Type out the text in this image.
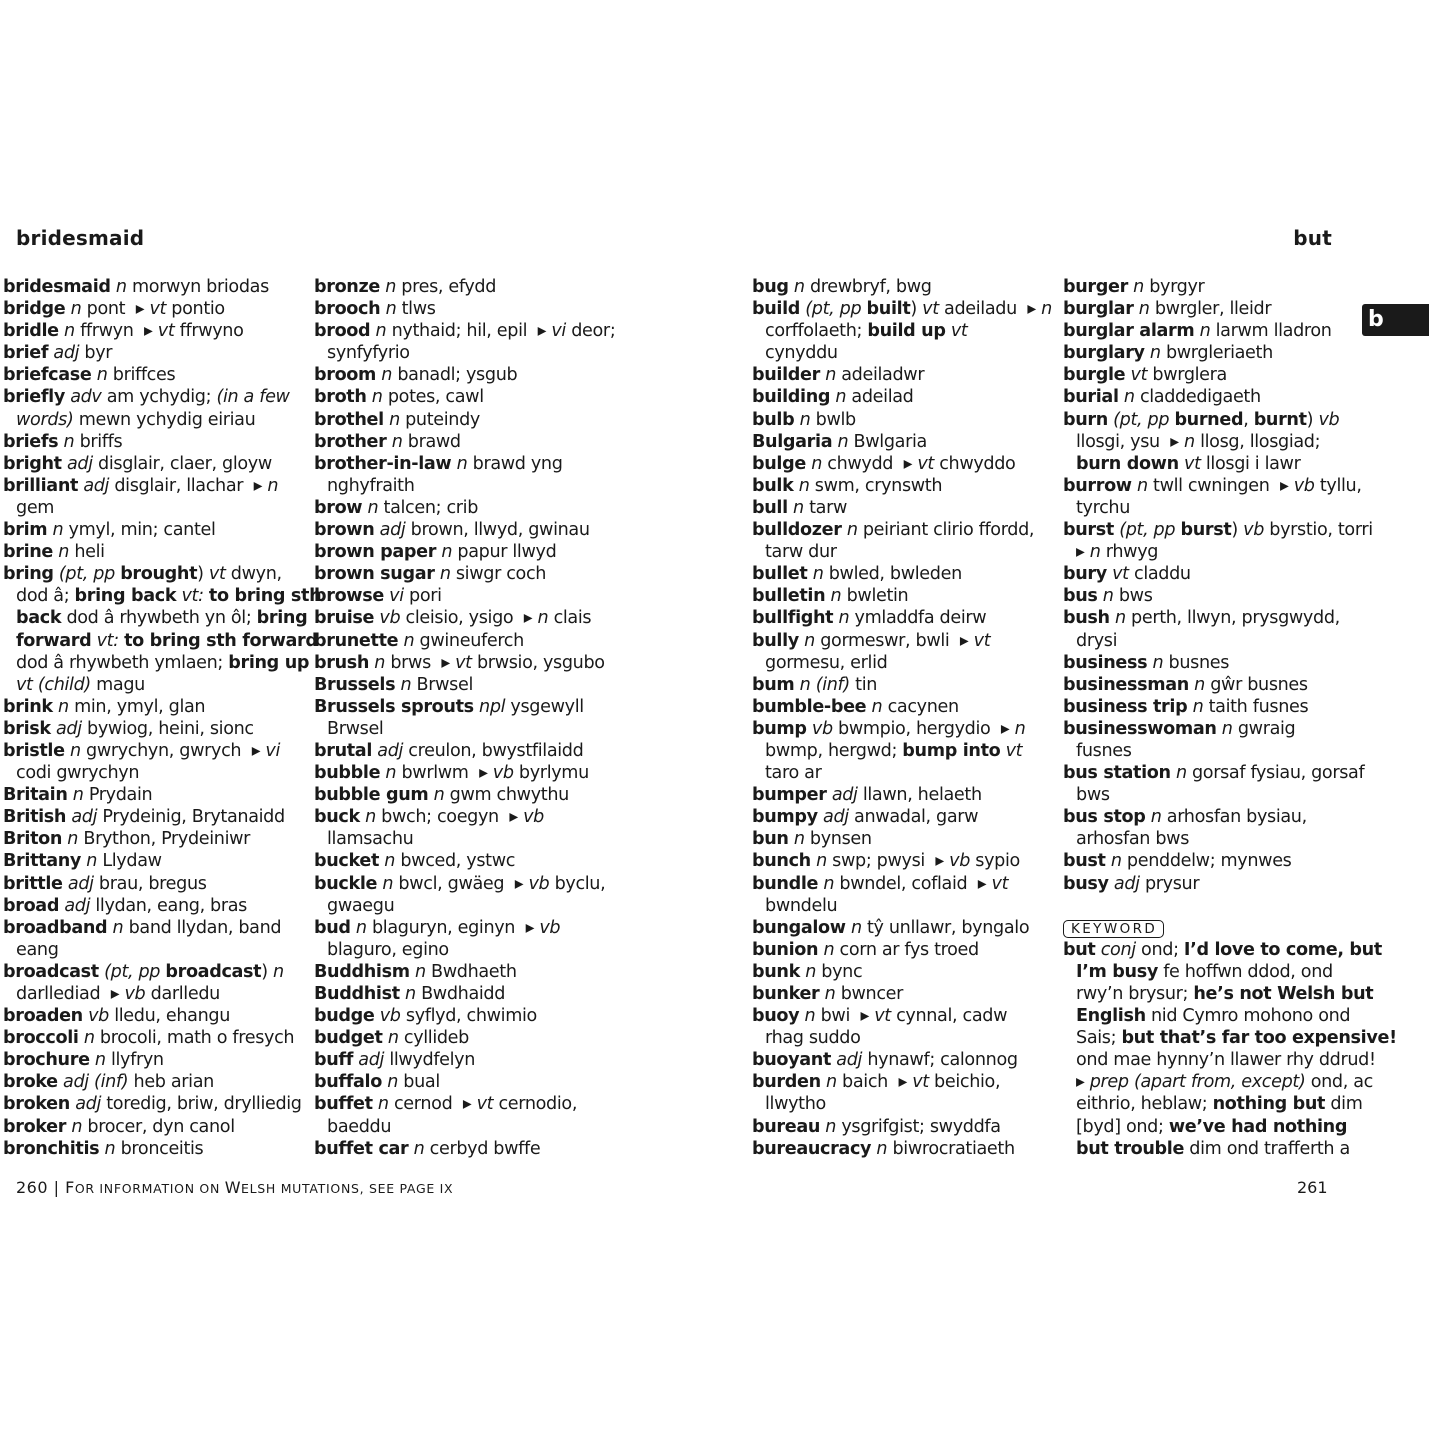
bridesmaid	but
b
bridesmaid n morwyn briodas
bridge n pont  ▸ vt pontio
bridle n ffrwyn  ▸ vt ffrwyno
brief adj byr
briefcase n briffces
briefly adv am ychydig; (in a few
words) mewn ychydig eiriau
briefs n briffs
bright adj disglair, claer, gloyw
brilliant adj disglair, llachar  ▸ n
gem
brim n ymyl, min; cantel
brine n heli
bring (pt, pp brought) vt dwyn,
dod â; bring back vt: to bring sth
back dod â rhywbeth yn ôl; bring
forward vt: to bring sth forward
dod â rhywbeth ymlaen; bring up
vt (child) magu
brink n min, ymyl, glan
brisk adj bywiog, heini, sionc
bristle n gwrychyn, gwrych  ▸ vi
codi gwrychyn
Britain n Prydain
British adj Prydeinig, Brytanaidd
Briton n Brython, Prydeiniwr
Brittany n Llydaw
brittle adj brau, bregus
broad adj llydan, eang, bras
broadband n band llydan, band
eang
broadcast (pt, pp broadcast) n
darllediad  ▸ vb darlledu
broaden vb lledu, ehangu
broccoli n brocoli, math o fresych
brochure n llyfryn
broke adj (inf) heb arian
broken adj toredig, briw, drylliedig
broker n brocer, dyn canol
bronchitis n bronceitis
bronze n pres, efydd
brooch n tlws
brood n nythaid; hil, epil  ▸ vi deor;
synfyfyrio
broom n banadl; ysgub
broth n potes, cawl
brothel n puteindy
brother n brawd
brother-in-law n brawd yng
nghyfraith
brow n talcen; crib
brown adj brown, llwyd, gwinau
brown paper n papur llwyd
brown sugar n siwgr coch
browse vi pori
bruise vb cleisio, ysigo  ▸ n clais
brunette n gwineuferch
brush n brws  ▸ vt brwsio, ysgubo
Brussels n Brwsel
Brussels sprouts npl ysgewyll
Brwsel
brutal adj creulon, bwystfilaidd
bubble n bwrlwm  ▸ vb byrlymu
bubble gum n gwm chwythu
buck n bwch; coegyn  ▸ vb
llamsachu
bucket n bwced, ystwc
buckle n bwcl, gwäeg  ▸ vb byclu,
gwaegu
bud n blaguryn, eginyn  ▸ vb
blaguro, egino
Buddhism n Bwdhaeth
Buddhist n Bwdhaidd
budge vb syflyd, chwimio
budget n cyllideb
buff adj llwydfelyn
buffalo n bual
buffet n cernod  ▸ vt cernodio,
baeddu
buffet car n cerbyd bwffe
bug n drewbryf, bwg
build (pt, pp built) vt adeiladu  ▸ n
corffolaeth; build up vt
cynyddu
builder n adeiladwr
building n adeilad
bulb n bwlb
Bulgaria n Bwlgaria
bulge n chwydd  ▸ vt chwyddo
bulk n swm, crynswth
bull n tarw
bulldozer n peiriant clirio ffordd,
tarw dur
bullet n bwled, bwleden
bulletin n bwletin
bullfight n ymladdfa deirw
bully n gormeswr, bwli  ▸ vt
gormesu, erlid
bum n (inf) tin
bumble-bee n cacynen
bump vb bwmpio, hergydio  ▸ n
bwmp, hergwd; bump into vt
taro ar
bumper adj llawn, helaeth
bumpy adj anwadal, garw
bun n bynsen
bunch n swp; pwysi  ▸ vb sypio
bundle n bwndel, coflaid  ▸ vt
bwndelu
bungalow n tŷ unllawr, byngalo
bunion n corn ar fys troed
bunk n bync
bunker n bwncer
buoy n bwi  ▸ vt cynnal, cadw
rhag suddo
buoyant adj hynawf; calonnog
burden n baich  ▸ vt beichio,
llwytho
bureau n ysgrifgist; swyddfa
bureaucracy n biwrocratiaeth
burger n byrgyr
burglar n bwrgler, lleidr
burglar alarm n larwm lladron
burglary n bwrgleriaeth
burgle vt bwrglera
burial n claddedigaeth
burn (pt, pp burned, burnt) vb
llosgi, ysu  ▸ n llosg, llosgiad;
burn down vt llosgi i lawr
burrow n twll cwningen  ▸ vb tyllu,
tyrchu
burst (pt, pp burst) vb byrstio, torri
▸ n rhwyg
bury vt claddu
bus n bws
bush n perth, llwyn, prysgwydd,
drysi
business n busnes
businessman n gŵr busnes
business trip n taith fusnes
businesswoman n gwraig
fusnes
bus station n gorsaf fysiau, gorsaf
bws
bus stop n arhosfan bysiau,
arhosfan bws
bust n penddelw; mynwes
busy adj prysur
KEYWORD
but conj ond; I’d love to come, but
I’m busy fe hoffwn ddod, ond
rwy’n brysur; he’s not Welsh but
English nid Cymro mohono ond
Sais; but that’s far too expensive!
ond mae hynny’n llawer rhy ddrud!
▸ prep (apart from, except) ond, ac
eithrio, heblaw; nothing but dim
[byd] ond; we’ve had nothing
but trouble dim ond trafferth a
260 | FOR INFORMATION ON WELSH MUTATIONS, SEE PAGE IX	261
